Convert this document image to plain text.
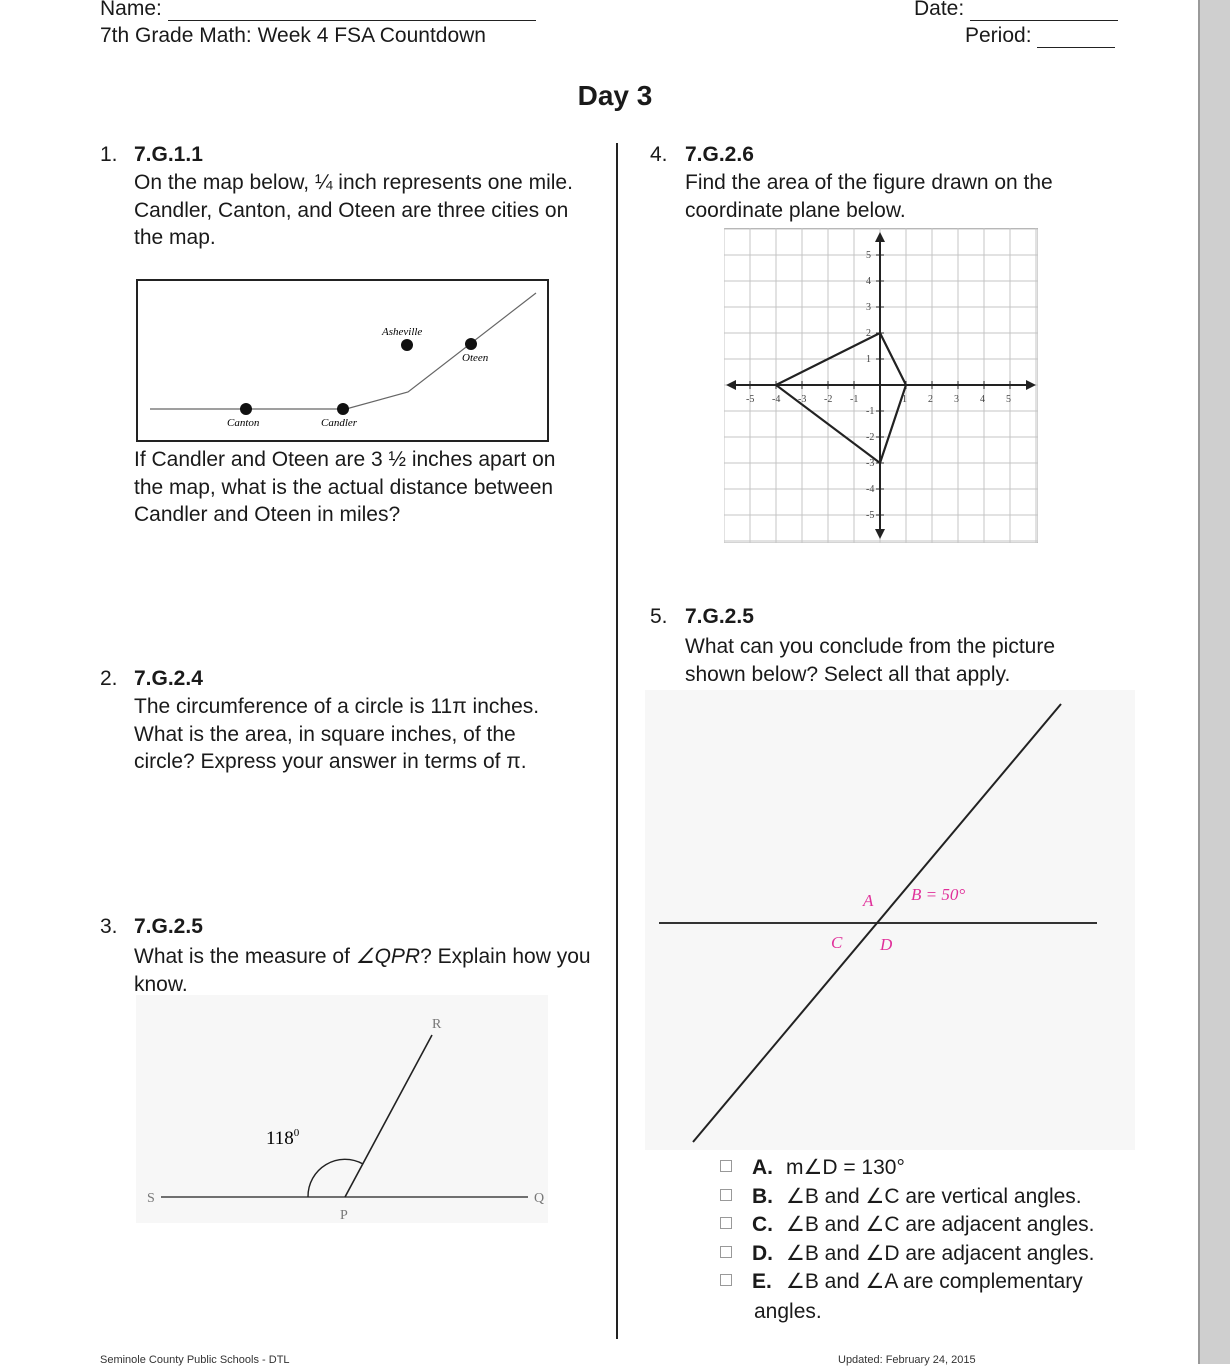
Name:	Date:
7th Grade Math: Week 4 FSA Countdown	Period:
Day 3
1. 7.G.1.1
On the map below, ¼ inch represents one mile. Candler, Canton, and Oteen are three cities on the map.
Asheville
Oteen
Canton	Candler
If Candler and Oteen are 3 ½ inches apart on the map, what is the actual distance between Candler and Oteen in miles?
2. 7.G.2.4
The circumference of a circle is 11π inches. What is the area, in square inches, of the circle? Express your answer in terms of π.
3. 7.G.2.5
What is the measure of ∠QPR? Explain how you know.
$118^0$
R
S
P
Q
4. 7.G.2.6
Find the area of the figure drawn on the coordinate plane below.
-5 -4 -3 -2 -1	1 2 3 4 5
5
4
3
2
1
-1
-2
-3
-4
-5
5. 7.G.2.5
What can you conclude from the picture shown below? Select all that apply.
A B = 50°
C D
A. m∠D = 130°
B. ∠B and ∠C are vertical angles.
C. ∠B and ∠C are adjacent angles.
D. ∠B and ∠D are adjacent angles.
E. ∠B and ∠A are complementary
angles.
Seminole County Public Schools - DTL	Updated: February 24, 2015
